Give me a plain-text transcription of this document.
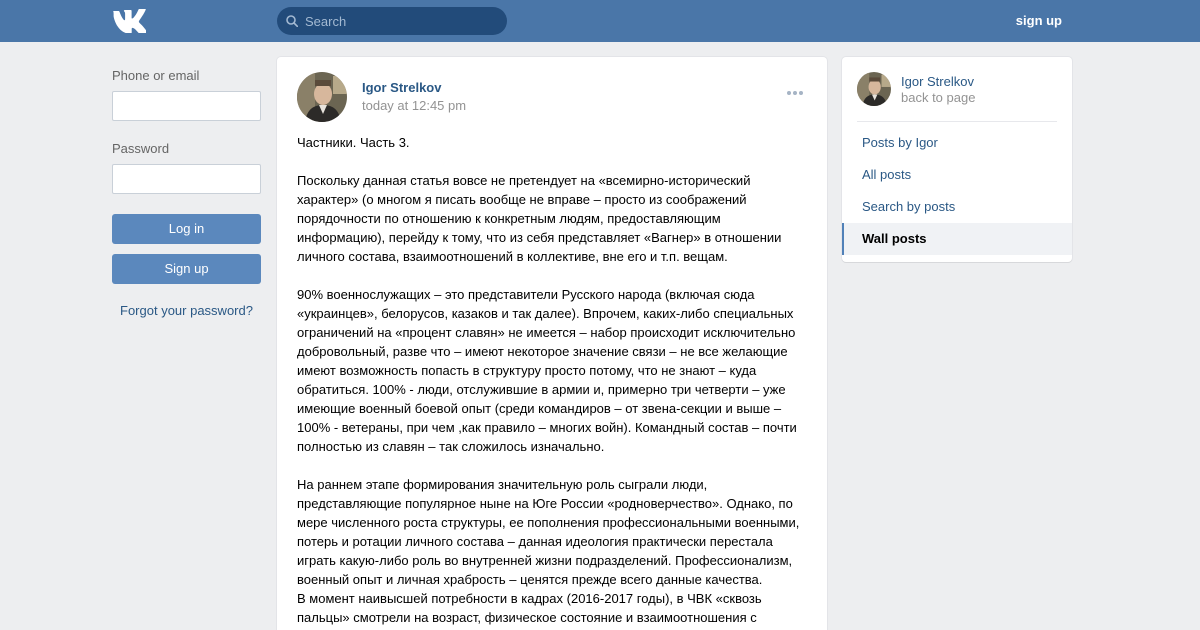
Search
sign up
Phone or email
Password
Log in
Sign up
Forgot your password?
Igor Strelkov
today at 12:45 pm

Частники. Часть 3.

Поскольку данная статья вовсе не претендует на «всемирно-исторический характер» (о многом я писать вообще не вправе – просто из соображений порядочности по отношению к конкретным людям, предоставляющим информацию), перейду к тому, что из себя представляет «Вагнер» в отношении личного состава, взаимоотношений в коллективе, вне его и т.п. вещам.

90% военнослужащих – это представители Русского народа (включая сюда «украинцев», белорусов, казаков и так далее). Впрочем, каких-либо специальных ограничений на «процент славян» не имеется – набор происходит исключительно добровольный, разве что – имеют некоторое значение связи – не все желающие имеют возможность попасть в структуру просто потому, что не знают – куда обратиться. 100% - люди, отслужившие в армии и, примерно три четверти – уже имеющие военный боевой опыт (среди командиров – от звена-секции и выше – 100% - ветераны, при чем ,как правило – многих войн). Командный состав – почти полностью из славян – так сложилось изначально.

На раннем этапе формирования значительную роль сыграли люди, представляющие популярное ныне на Юге России «родноверчество». Однако, по мере численного роста структуры, ее пополнения профессиональными военными, потерь и ротации личного состава – данная идеология практически перестала играть какую-либо роль во внутренней жизни подразделений. Профессионализм, военный опыт и личная храбрость – ценятся прежде всего данные качества.

В момент наивысшей потребности в кадрах (2016-2017 годы), в ЧВК «сквозь пальцы» смотрели на возраст, физическое состояние и взаимоотношения с

Igor Strelkov
back to page
Posts by Igor
All posts
Search by posts
Wall posts
